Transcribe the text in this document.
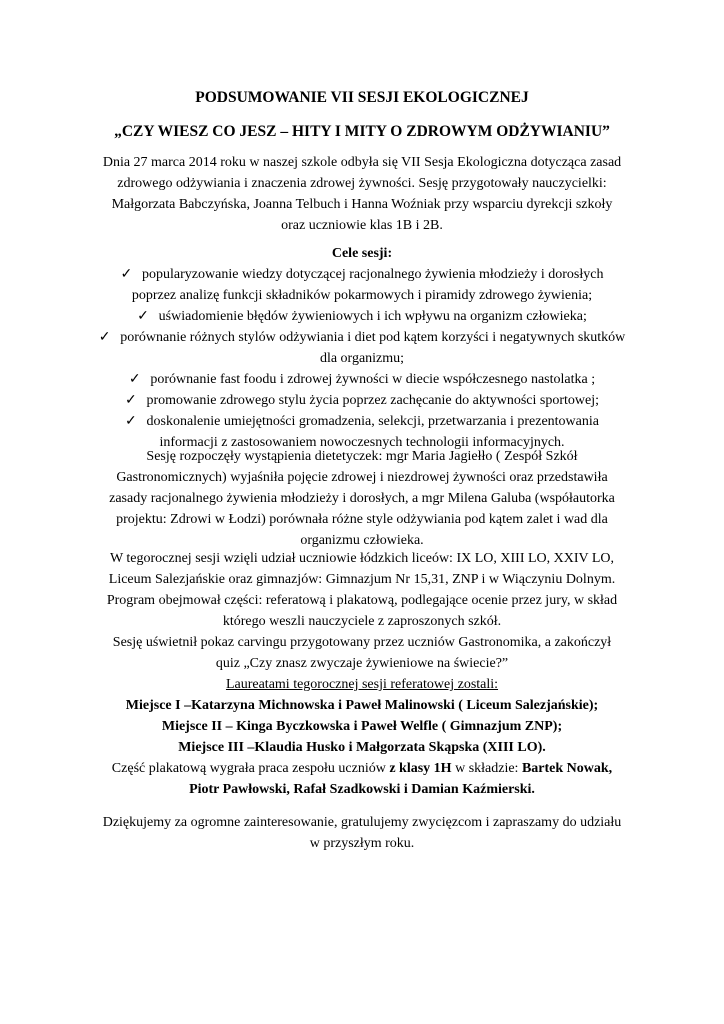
PODSUMOWANIE VII SESJI EKOLOGICZNEJ
„CZY WIESZ CO JESZ – HITY I MITY O ZDROWYM ODŻYWIANIU”
Dnia 27 marca 2014 roku w naszej szkole odbyła się VII Sesja Ekologiczna dotycząca zasad
zdrowego odżywiania i znaczenia zdrowej żywności. Sesję przygotowały nauczycielki:
Małgorzata Babczyńska, Joanna Telbuch i Hanna Woźniak przy wsparciu dyrekcji szkoły
oraz uczniowie klas 1B i 2B.
Cele sesji:
✓ popularyzowanie wiedzy dotyczącej racjonalnego żywienia młodzieży i dorosłych
poprzez analizę funkcji składników pokarmowych i piramidy zdrowego żywienia;
✓ uświadomienie błędów żywieniowych i ich wpływu na organizm człowieka;
✓ porównanie różnych stylów odżywiania i diet pod kątem korzyści i negatywnych skutków
dla organizmu;
✓ porównanie fast foodu i zdrowej żywności w diecie współczesnego nastolatka ;
✓ promowanie zdrowego stylu życia poprzez zachęcanie do aktywności sportowej;
✓ doskonalenie umiejętności gromadzenia, selekcji, przetwarzania i prezentowania
informacji z zastosowaniem nowoczesnych technologii informacyjnych.
Sesję rozpoczęły wystąpienia dietetyczek: mgr Maria Jagiełło ( Zespół Szkół
Gastronomicznych) wyjaśniła pojęcie zdrowej i niezdrowej żywności oraz przedstawiła
zasady racjonalnego żywienia młodzieży i dorosłych, a mgr Milena Galuba (współautorka
projektu: Zdrowi w Łodzi) porównała różne style odżywiania pod kątem zalet i wad dla
organizmu człowieka.
W tegorocznej sesji wzięli udział uczniowie łódzkich liceów: IX LO, XIII LO, XXIV LO,
Liceum Salezjańskie oraz gimnazjów: Gimnazjum Nr 15,31, ZNP i w Wiączyniu Dolnym.
Program obejmował części: referatową i plakatową, podlegające ocenie przez jury, w skład
którego weszli nauczyciele z zaproszonych szkół.
Sesję uświetnił pokaz carvingu przygotowany przez uczniów Gastronomika, a zakończył
quiz „Czy znasz zwyczaje żywieniowe na świecie?”
Laureatami tegorocznej sesji referatowej zostali:
Miejsce I –Katarzyna Michnowska i Paweł Malinowski ( Liceum Salezjańskie);
Miejsce II – Kinga Byczkowska i Paweł Welfle ( Gimnazjum ZNP);
Miejsce III –Klaudia Husko i Małgorzata Skąpska (XIII LO).
Część plakatową wygrała praca zespołu uczniów z klasy 1H w składzie: Bartek Nowak,
Piotr Pawłowski, Rafał Szadkowski i Damian Kaźmierski.
Dziękujemy za ogromne zainteresowanie, gratulujemy zwycięzcom i zapraszamy do udziału
w przyszłym roku.
